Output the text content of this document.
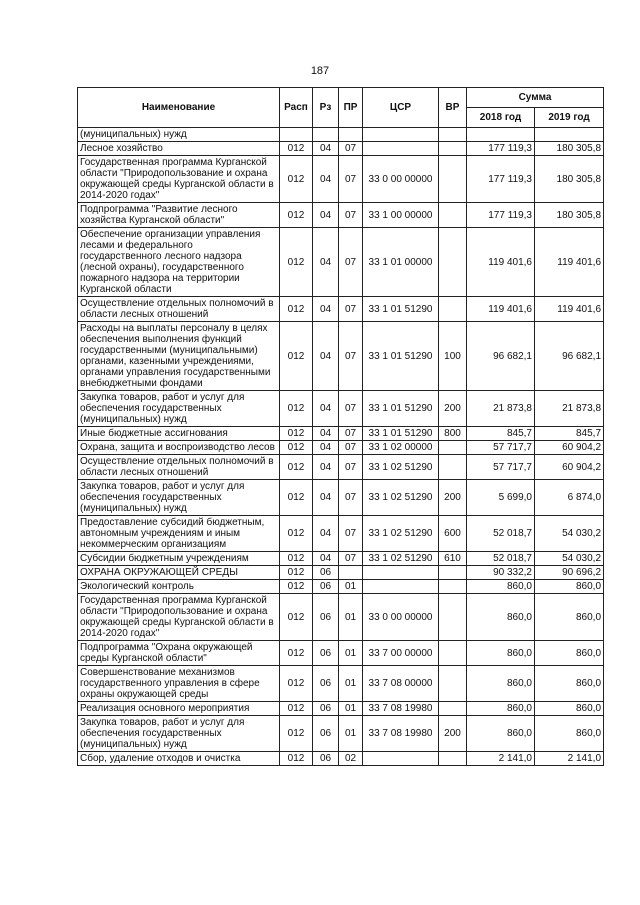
187
Наименование	Расп	Рз	ПР	ЦСР	ВР	Сумма	
						2018 год	2019 год
(муниципальных) нужд							
Лесное хозяйство	012	04	07			177 119,3	180 305,8
Государственная программа Курганской области "Природопользование и охрана окружающей среды Курганской области в 2014-2020 годах"	012	04	07	33 0 00 00000		177 119,3	180 305,8
Подпрограмма "Развитие лесного хозяйства Курганской области"	012	04	07	33 1 00 00000		177 119,3	180 305,8
Обеспечение организации управления лесами и федерального государственного лесного надзора (лесной охраны), государственного пожарного надзора на территории Курганской области	012	04	07	33 1 01 00000		119 401,6	119 401,6
Осуществление отдельных полномочий в области лесных отношений	012	04	07	33 1 01 51290		119 401,6	119 401,6
Расходы на выплаты персоналу в целях обеспечения выполнения функций государственными (муниципальными) органами, казенными учреждениями, органами управления государственными внебюджетными фондами	012	04	07	33 1 01 51290	100	96 682,1	96 682,1
Закупка товаров, работ и услуг для обеспечения государственных (муниципальных) нужд	012	04	07	33 1 01 51290	200	21 873,8	21 873,8
Иные бюджетные ассигнования	012	04	07	33 1 01 51290	800	845,7	845,7
Охрана, защита и воспроизводство лесов	012	04	07	33 1 02 00000		57 717,7	60 904,2
Осуществление отдельных полномочий в области лесных отношений	012	04	07	33 1 02 51290		57 717,7	60 904,2
Закупка товаров, работ и услуг для обеспечения государственных (муниципальных) нужд	012	04	07	33 1 02 51290	200	5 699,0	6 874,0
Предоставление субсидий бюджетным, автономным учреждениям и иным некоммерческим организациям	012	04	07	33 1 02 51290	600	52 018,7	54 030,2
Субсидии бюджетным учреждениям	012	04	07	33 1 02 51290	610	52 018,7	54 030,2
ОХРАНА ОКРУЖАЮЩЕЙ СРЕДЫ	012	06				90 332,2	90 696,2
Экологический контроль	012	06	01			860,0	860,0
Государственная программа Курганской области "Природопользование и охрана окружающей среды Курганской области в 2014-2020 годах"	012	06	01	33 0 00 00000		860,0	860,0
Подпрограмма "Охрана окружающей среды Курганской области"	012	06	01	33 7 00 00000		860,0	860,0
Совершенствование механизмов государственного управления в сфере охраны окружающей среды	012	06	01	33 7 08 00000		860,0	860,0
Реализация основного мероприятия	012	06	01	33 7 08 19980		860,0	860,0
Закупка товаров, работ и услуг для обеспечения государственных (муниципальных) нужд	012	06	01	33 7 08 19980	200	860,0	860,0
Сбор, удаление отходов и очистка	012	06	02			2 141,0	2 141,0
